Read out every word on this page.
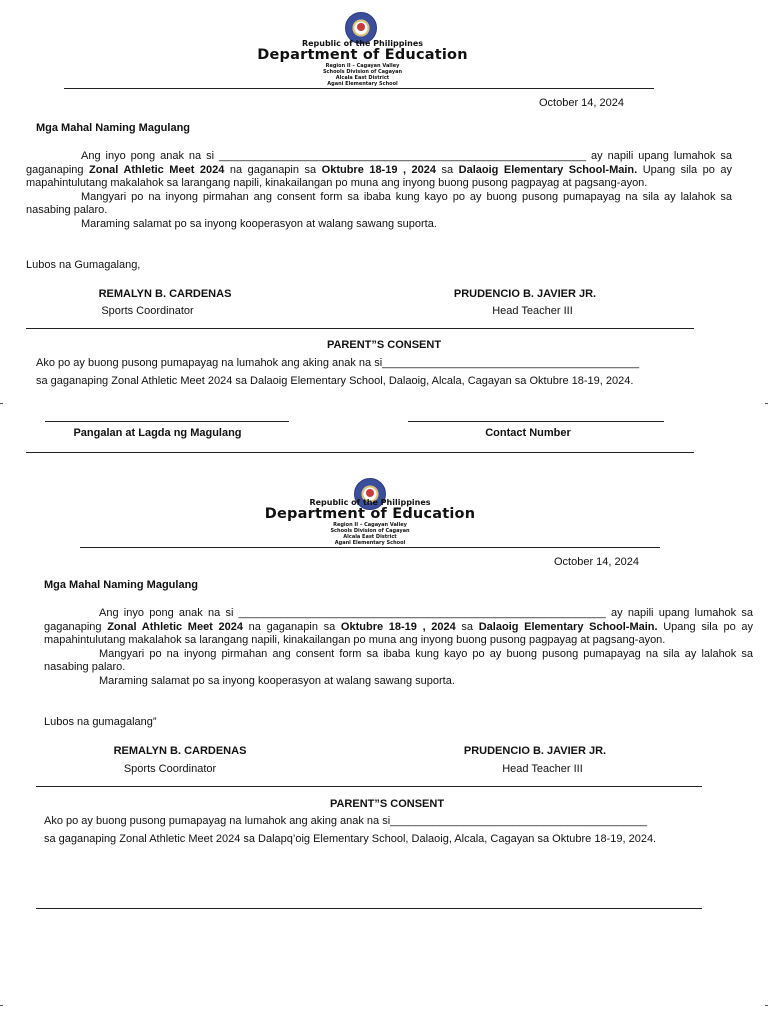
Republic of the Philippines
Department of Education
Region II – Cagayan Valley
Schools Division of Cagayan
Alcala East District
Agani Elementary School
October 14, 2024
Mga Mahal Naming Magulang

Ang inyo pong anak na si ____________________________________________________________ ay napili upang lumahok sa gaganaping Zonal Athletic Meet 2024 na gaganapin sa Oktubre 18-19 , 2024 sa Dalaoig Elementary School-Main. Upang sila po ay mapahintulutang makalahok sa larangang napili, kinakailangan po muna ang inyong buong pusong pagpayag at pagsang-ayon.

Mangyari po na inyong pirmahan ang consent form sa ibaba kung kayo po ay buong pusong pumapayag na sila ay lalahok sa nasabing palaro.

Maraming salamat po sa inyong kooperasyon at walang sawang suporta.

Lubos na Gumagalang,
REMALYN B. CARDENAS
Sports Coordinator
PRUDENCIO B. JAVIER JR.
Head Teacher III
PARENT”S CONSENT
Ako po ay buong pusong pumapayag na lumahok ang aking anak na si__________________________________________
sa gaganaping Zonal Athletic Meet 2024 sa Dalaoig Elementary School, Dalaoig, Alcala, Cagayan sa Oktubre 18-19, 2024.
Pangalan at Lagda ng Magulang	Contact Number
Republic of the Philippines
Department of Education
Region II – Cagayan Valley
Schools Division of Cagayan
Alcala East District
Agani Elementary School
October 14, 2024
Mga Mahal Naming Magulang

Ang inyo pong anak na si ____________________________________________________________ ay napili upang lumahok sa gaganaping Zonal Athletic Meet 2024 na gaganapin sa Oktubre 18-19 , 2024 sa Dalaoig Elementary School-Main. Upang sila po ay mapahintulutang makalahok sa larangang napili, kinakailangan po muna ang inyong buong pusong pagpayag at pagsang-ayon.

Mangyari po na inyong pirmahan ang consent form sa ibaba kung kayo po ay buong pusong pumapayag na sila ay lalahok sa nasabing palaro.

Maraming salamat po sa inyong kooperasyon at walang sawang suporta.

Lubos na gumagalang”
REMALYN B. CARDENAS
Sports Coordinator
PRUDENCIO B. JAVIER JR.
Head Teacher III
PARENT”S CONSENT
Ako po ay buong pusong pumapayag na lumahok ang aking anak na si__________________________________________
sa gaganaping Zonal Athletic Meet 2024 sa Dalapq’oig Elementary School, Dalaoig, Alcala, Cagayan sa Oktubre 18-19, 2024.
